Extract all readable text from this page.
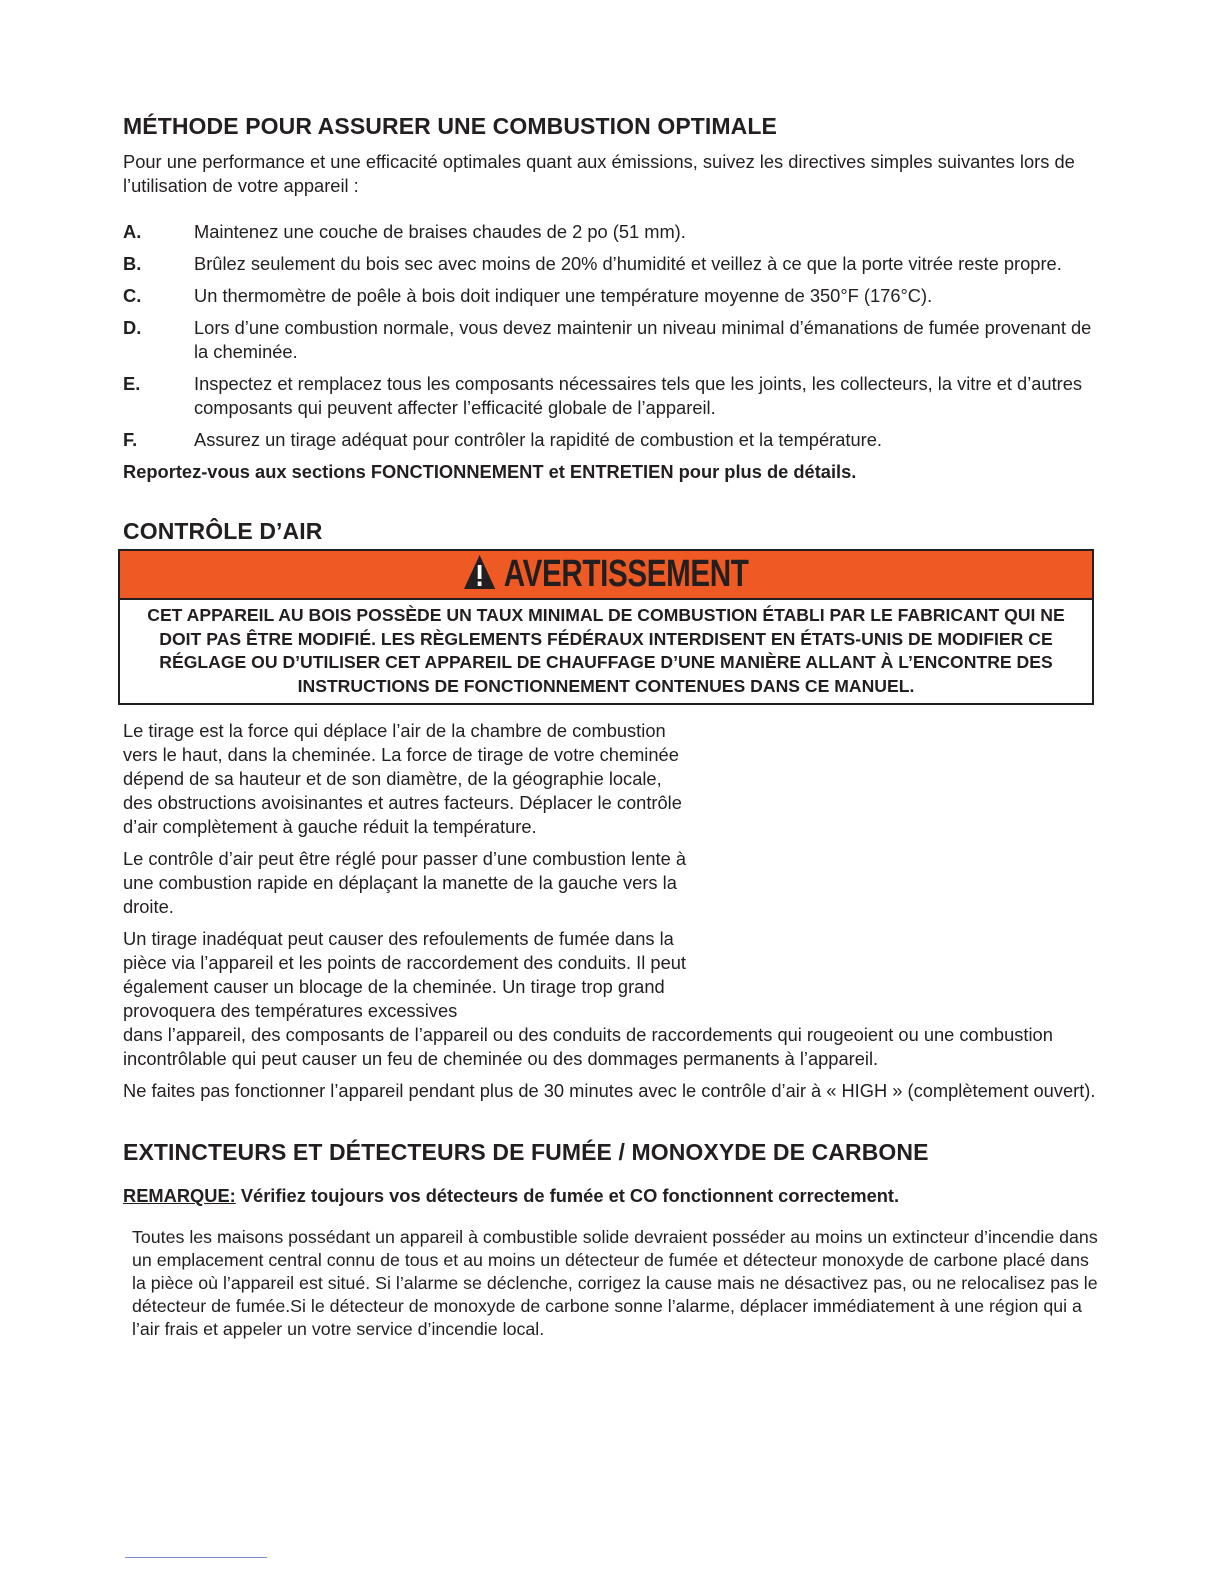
MÉTHODE POUR ASSURER UNE COMBUSTION OPTIMALE

Pour une performance et une efficacité optimales quant aux émissions, suivez les directives simples suivantes lors de l’utilisation de votre appareil :

A.	Maintenez une couche de braises chaudes de 2 po (51 mm).
B.	Brûlez seulement du bois sec avec moins de 20% d’humidité et veillez à ce que la porte vitrée reste propre.
C.	Un thermomètre de poêle à bois doit indiquer une température moyenne de 350°F (176°C).
D.	Lors d’une combustion normale, vous devez maintenir un niveau minimal d’émanations de fumée provenant de la cheminée.
E.	Inspectez et remplacez tous les composants nécessaires tels que les joints, les collecteurs, la vitre et d’autres composants qui peuvent affecter l’efficacité globale de l’appareil.
F.	Assurez un tirage adéquat pour contrôler la rapidité de combustion et la température.

Reportez-vous aux sections FONCTIONNEMENT et ENTRETIEN pour plus de détails.

CONTRÔLE D’AIR
AVERTISSEMENT
CET APPAREIL AU BOIS POSSÈDE UN TAUX MINIMAL DE COMBUSTION ÉTABLI PAR LE FABRICANT QUI NE DOIT PAS ÊTRE MODIFIÉ. LES RÈGLEMENTS FÉDÉRAUX INTERDISENT EN ÉTATS-UNIS DE MODIFIER CE RÉGLAGE OU D’UTILISER CET APPAREIL DE CHAUFFAGE D’UNE MANIÈRE ALLANT À L’ENCONTRE DES INSTRUCTIONS DE FONCTIONNEMENT CONTENUES DANS CE MANUEL.

Le tirage est la force qui déplace l’air de la chambre de combustion vers le haut, dans la cheminée. La force de tirage de votre cheminée dépend de sa hauteur et de son diamètre, de la géographie locale, des obstructions avoisinantes et autres facteurs. Déplacer le contrôle d’air complètement à gauche réduit la température.

Le contrôle d’air peut être réglé pour passer d’une combustion lente à une combustion rapide en déplaçant la manette de la gauche vers la droite.

Un tirage inadéquat peut causer des refoulements de fumée dans la pièce via l’appareil et les points de raccordement des conduits. Il peut également causer un blocage de la cheminée. Un tirage trop grand provoquera des températures excessives

dans l’appareil, des composants de l’appareil ou des conduits de raccordements qui rougeoient ou une combustion incontrôlable qui peut causer un feu de cheminée ou des dommages permanents à l’appareil.

Ne faites pas fonctionner l’appareil pendant plus de 30 minutes avec le contrôle d’air à « HIGH » (complètement ouvert).

EXTINCTEURS ET DÉTECTEURS DE FUMÉE / MONOXYDE DE CARBONE

REMARQUE: Vérifiez toujours vos détecteurs de fumée et CO fonctionnent correctement.

Toutes les maisons possédant un appareil à combustible solide devraient posséder au moins un extincteur d’incendie dans un emplacement central connu de tous et au moins un détecteur de fumée et détecteur monoxyde de carbone placé dans la pièce où l’appareil est situé. Si l’alarme se déclenche, corrigez la cause mais ne désactivez pas, ou ne relocalisez pas le détecteur de fumée.Si le détecteur de monoxyde de carbone sonne l’alarme, déplacer immédiatement à une région qui a l’air frais et appeler un votre service d’incendie local.
